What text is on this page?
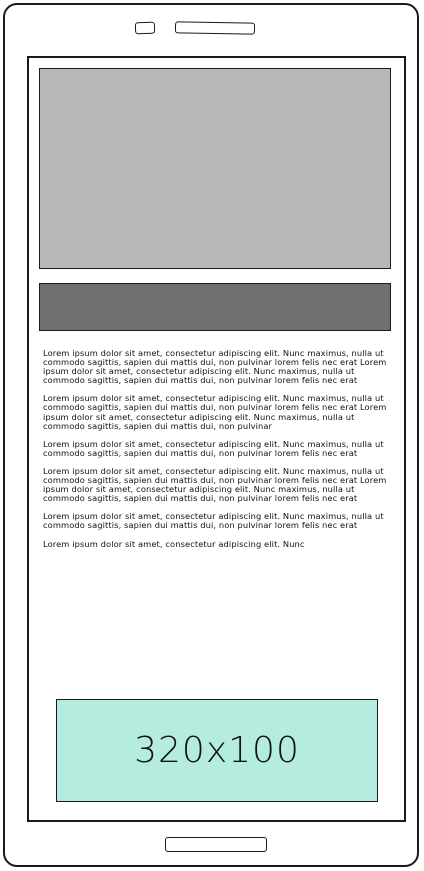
Lorem ipsum dolor sit amet, consectetur adipiscing elit. Nunc maximus, nulla ut commodo sagittis, sapien dui mattis dui, non pulvinar lorem felis nec erat Lorem ipsum dolor sit amet, consectetur adipiscing elit. Nunc maximus, nulla ut commodo sagittis, sapien dui mattis dui, non pulvinar lorem felis nec erat

Lorem ipsum dolor sit amet, consectetur adipiscing elit. Nunc maximus, nulla ut commodo sagittis, sapien dui mattis dui, non pulvinar lorem felis nec erat Lorem ipsum dolor sit amet, consectetur adipiscing elit. Nunc maximus, nulla ut commodo sagittis, sapien dui mattis dui, non pulvinar

Lorem ipsum dolor sit amet, consectetur adipiscing elit. Nunc maximus, nulla ut commodo sagittis, sapien dui mattis dui, non pulvinar lorem felis nec erat

Lorem ipsum dolor sit amet, consectetur adipiscing elit. Nunc maximus, nulla ut commodo sagittis, sapien dui mattis dui, non pulvinar lorem felis nec erat Lorem ipsum dolor sit amet, consectetur adipiscing elit. Nunc maximus, nulla ut commodo sagittis, sapien dui mattis dui, non pulvinar lorem felis nec erat

Lorem ipsum dolor sit amet, consectetur adipiscing elit. Nunc maximus, nulla ut commodo sagittis, sapien dui mattis dui, non pulvinar lorem felis nec erat

Lorem ipsum dolor sit amet, consectetur adipiscing elit. Nunc

320x100
